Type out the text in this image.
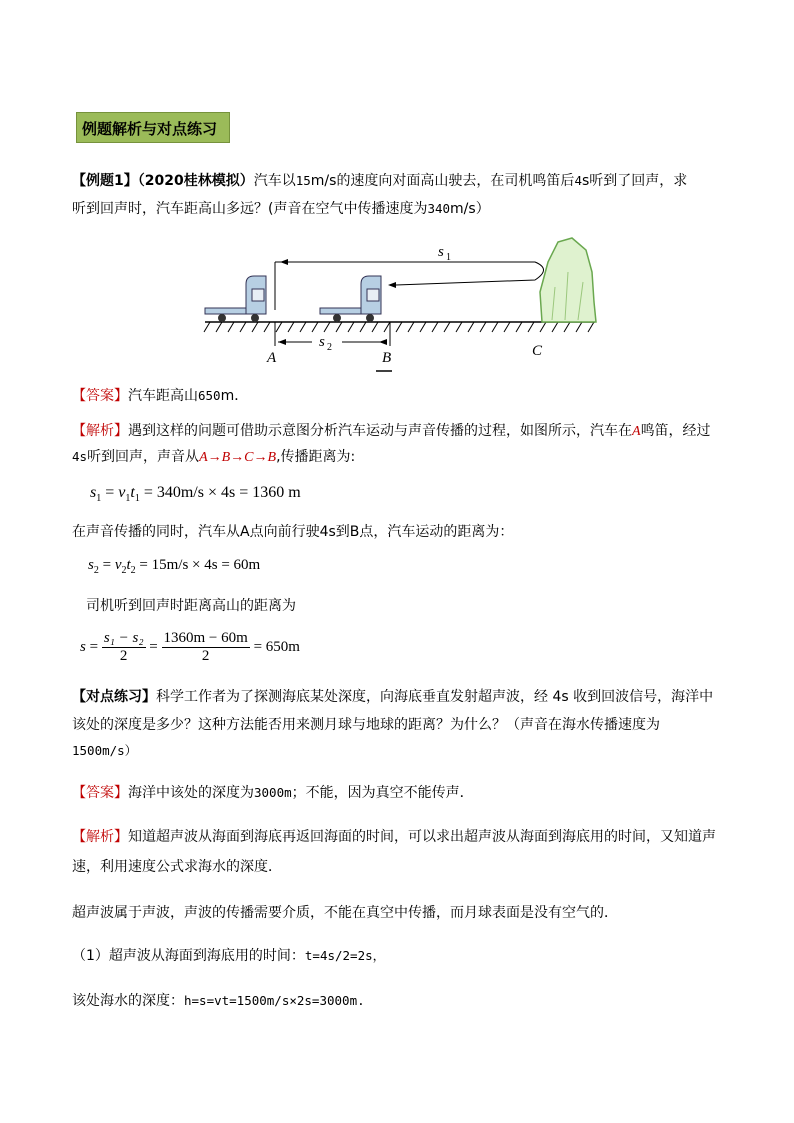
例题解析与对点练习
【例题1】（2020桂林模拟）汽车以15m/s的速度向对面高山驶去，在司机鸣笛后4s听到了回声，求
听到回声时，汽车距高山多远？(声音在空气中传播速度为340m/s）
s 1
s 2
A	B	C
【答案】汽车距高山650m．
【解析】遇到这样的问题可借助示意图分析汽车运动与声音传播的过程，如图所示，汽车在A鸣笛，经过
4s听到回声，声音从A→B→C→B,传播距离为:
$s_1 = v_1t_1 = 340m/s \times 4s = 1360$ m
在声音传播的同时，汽车从A点向前行驶4s到B点，汽车运动的距离为：
$s_2 = v_2t_2 = 15m/s \times 4s = 60m$
司机听到回声时距离高山的距离为
$s = \frac{\text{s₁ − s₂}}{2} = \frac{1360m - 60m}{2} = 650m$
【对点练习】科学工作者为了探测海底某处深度，向海底垂直发射超声波，经 4s 收到回波信号，海洋中
该处的深度是多少？这种方法能否用来测月球与地球的距离？为什么？（声音在海水传播速度为
1500m/s）
【答案】海洋中该处的深度为3000m；不能，因为真空不能传声．
【解析】知道超声波从海面到海底再返回海面的时间，可以求出超声波从海面到海底用的时间，又知道声
速，利用速度公式求海水的深度．
超声波属于声波，声波的传播需要介质，不能在真空中传播，而月球表面是没有空气的．
（1）超声波从海面到海底用的时间：t=4s/2=2s，
该处海水的深度：h=s=vt=1500m/s×2s=3000m.
